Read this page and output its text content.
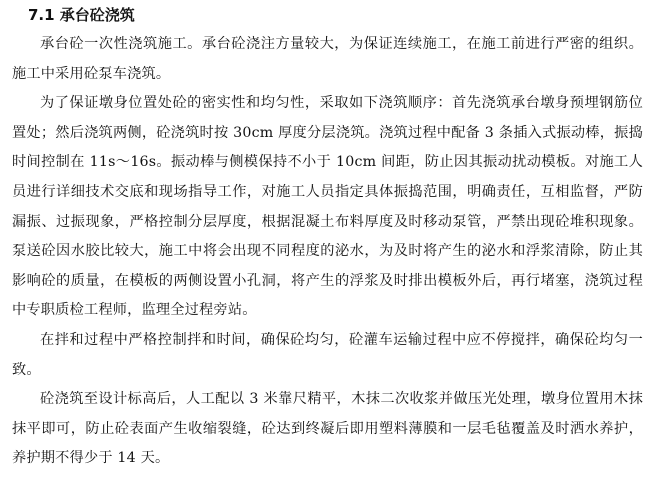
7.1 承台砼浇筑

承台砼一次性浇筑施工。承台砼浇注方量较大，为保证连续施工，在施工前进行严密的组织。施工中采用砼泵车浇筑。

为了保证墩身位置处砼的密实性和均匀性，采取如下浇筑顺序：首先浇筑承台墩身预埋钢筋位置处；然后浇筑两侧，砼浇筑时按 30cm 厚度分层浇筑。浇筑过程中配备 3 条插入式振动棒，振捣时间控制在 11s～16s。振动棒与侧模保持不小于 10cm 间距，防止因其振动扰动模板。对施工人员进行详细技术交底和现场指导工作，对施工人员指定具体振捣范围，明确责任，互相监督，严防漏振、过振现象，严格控制分层厚度，根据混凝土布料厚度及时移动泵管，严禁出现砼堆积现象。泵送砼因水胶比较大，施工中将会出现不同程度的泌水，为及时将产生的泌水和浮浆清除，防止其影响砼的质量，在模板的两侧设置小孔洞，将产生的浮浆及时排出模板外后，再行堵塞，浇筑过程中专职质检工程师，监理全过程旁站。

在拌和过程中严格控制拌和时间，确保砼均匀，砼灌车运输过程中应不停搅拌，确保砼均匀一致。

砼浇筑至设计标高后，人工配以 3 米靠尺精平，木抹二次收浆并做压光处理，墩身位置用木抹抹平即可，防止砼表面产生收缩裂缝，砼达到终凝后即用塑料薄膜和一层毛毡覆盖及时洒水养护，养护期不得少于 14 天。
